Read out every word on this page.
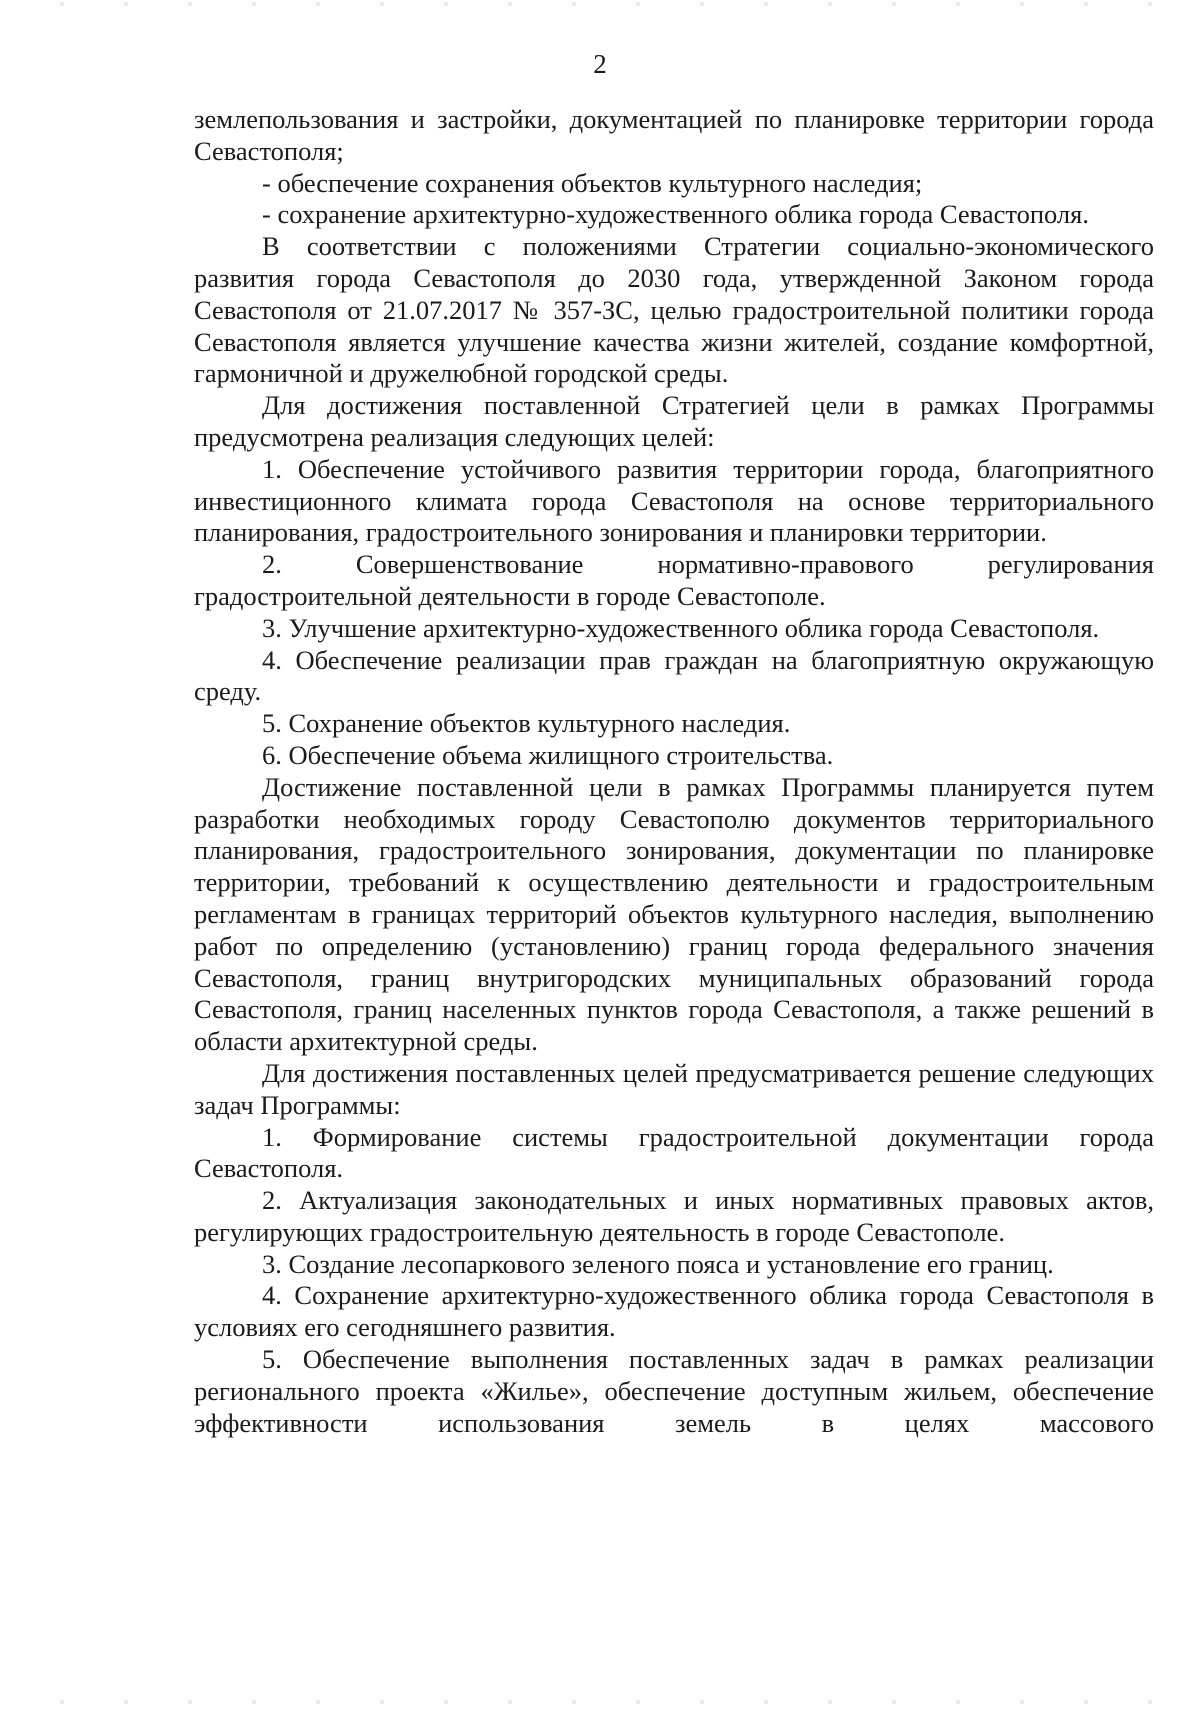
2

землепользования и застройки, документацией по планировке территории города Севастополя;

- обеспечение сохранения объектов культурного наследия;

- сохранение архитектурно-художественного облика города Севастополя.

В соответствии с положениями Стратегии социально-экономического развития города Севастополя до 2030 года, утвержденной Законом города Севастополя от 21.07.2017 № 357-ЗС, целью градостроительной политики города Севастополя является улучшение качества жизни жителей, создание комфортной, гармоничной и дружелюбной городской среды.

Для достижения поставленной Стратегией цели в рамках Программы предусмотрена реализация следующих целей:

1. Обеспечение устойчивого развития территории города, благоприятного инвестиционного климата города Севастополя на основе территориального планирования, градостроительного зонирования и планировки территории.

2. Совершенствование нормативно-правового регулирования градостроительной деятельности в городе Севастополе.

3. Улучшение архитектурно-художественного облика города Севастополя.

4. Обеспечение реализации прав граждан на благоприятную окружающую среду.

5. Сохранение объектов культурного наследия.

6. Обеспечение объема жилищного строительства.

Достижение поставленной цели в рамках Программы планируется путем разработки необходимых городу Севастополю документов территориального планирования, градостроительного зонирования, документации по планировке территории, требований к осуществлению деятельности и градостроительным регламентам в границах территорий объектов культурного наследия, выполнению работ по определению (установлению) границ города федерального значения Севастополя, границ внутригородских муниципальных образований города Севастополя, границ населенных пунктов города Севастополя, а также решений в области архитектурной среды.

Для достижения поставленных целей предусматривается решение следующих задач Программы:

1. Формирование системы градостроительной документации города Севастополя.

2. Актуализация законодательных и иных нормативных правовых актов, регулирующих градостроительную деятельность в городе Севастополе.

3. Создание лесопаркового зеленого пояса и установление его границ.

4. Сохранение архитектурно-художественного облика города Севастополя в условиях его сегодняшнего развития.

5. Обеспечение выполнения поставленных задач в рамках реализации регионального проекта «Жилье», обеспечение доступным жильем, обеспечение эффективности использования земель в целях массового
